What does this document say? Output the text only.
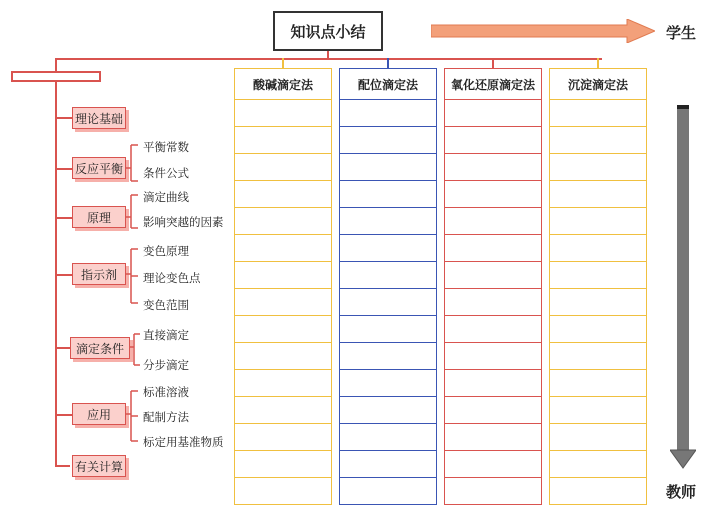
知识点小结	学生
教师
理论基础
反应平衡
原理
指示剂
滴定条件
应用
有关计算
平衡常数
条件公式
滴定曲线
影响突越的因素
变色原理
理论变色点
变色范围
直接滴定
分步滴定
标准溶液
配制方法
标定用基准物质
酸碱滴定法	配位滴定法	氧化还原滴定法	沉淀滴定法
